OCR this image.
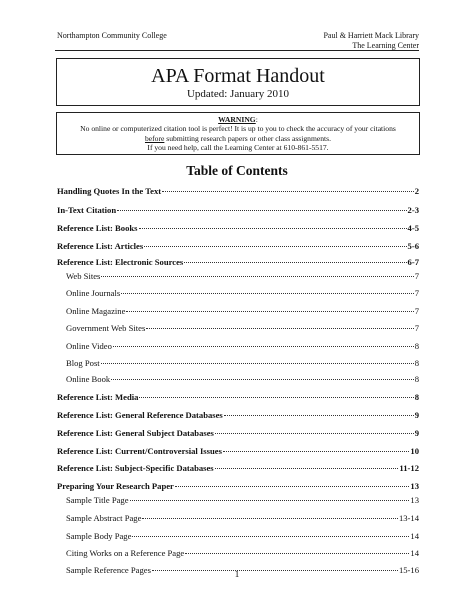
Northampton Community College	Paul & Harriett Mack Library
The Learning Center
APA Format Handout
Updated: January 2010
WARNING:
No online or computerized citation tool is perfect! It is up to you to check the accuracy of your citations
before submitting research papers or other class assignments.
If you need help, call the Learning Center at 610-861-5517.
Table of Contents
Handling Quotes In the Text	2
In-Text Citation	2-3
Reference List: Books	4-5
Reference List: Articles	5-6
Reference List: Electronic Sources	6-7
Web Sites	7
Online Journals	7
Online Magazine	7
Government Web Sites	7
Online Video	8
Blog Post	8
Online Book	8
Reference List: Media	8
Reference List: General Reference Databases	9
Reference List: General Subject Databases	9
Reference List: Current/Controversial Issues	10
Reference List: Subject-Specific Databases	11-12
Preparing Your Research Paper	13
Sample Title Page	13
Sample Abstract Page	13-14
Sample Body Page	14
Citing Works on a Reference Page	14
Sample Reference Pages	15-16
1
